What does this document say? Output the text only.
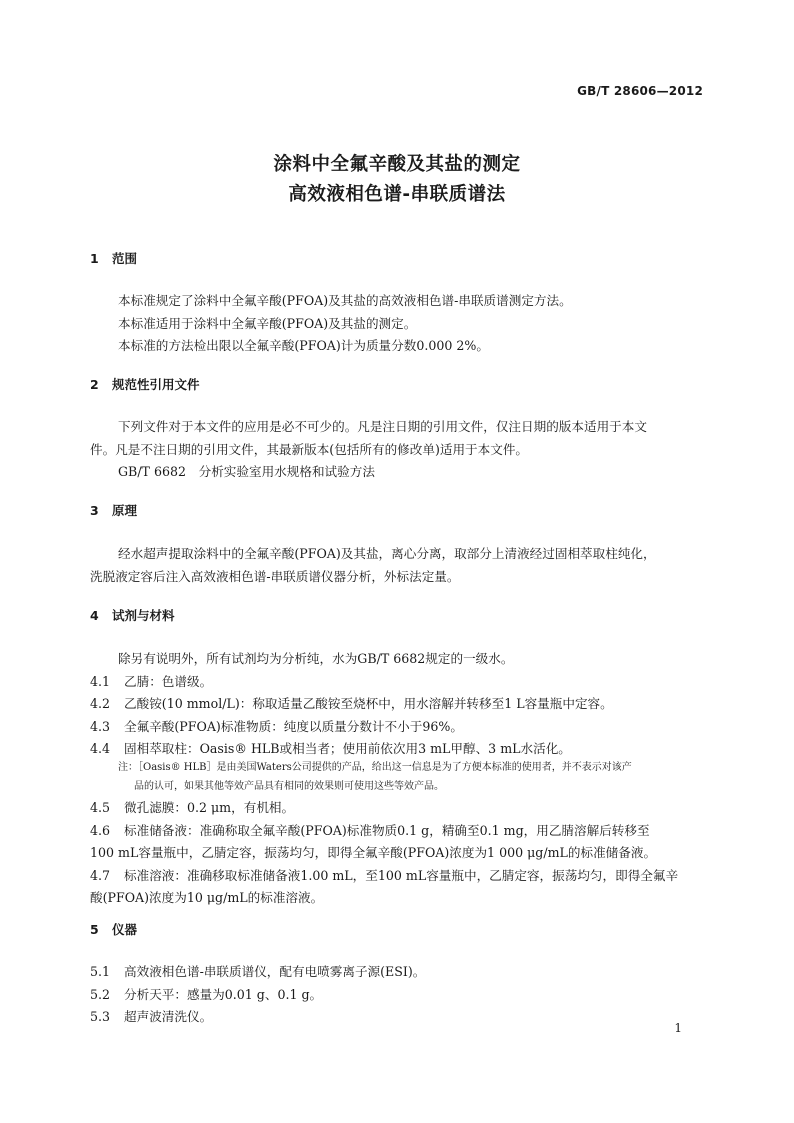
GB/T 28606—2012
涂料中全氟辛酸及其盐的测定
高效液相色谱-串联质谱法
1 范围
本标准规定了涂料中全氟辛酸(PFOA)及其盐的高效液相色谱-串联质谱测定方法。
本标准适用于涂料中全氟辛酸(PFOA)及其盐的测定。
本标准的方法检出限以全氟辛酸(PFOA)计为质量分数0.000 2%。
2 规范性引用文件
下列文件对于本文件的应用是必不可少的。凡是注日期的引用文件，仅注日期的版本适用于本文
件。凡是不注日期的引用文件，其最新版本(包括所有的修改单)适用于本文件。
GB/T 6682　分析实验室用水规格和试验方法
3 原理
经水超声提取涂料中的全氟辛酸(PFOA)及其盐，离心分离，取部分上清液经过固相萃取柱纯化，
洗脱液定容后注入高效液相色谱-串联质谱仪器分析，外标法定量。
4 试剂与材料
除另有说明外，所有试剂均为分析纯，水为GB/T 6682规定的一级水。
4.1 乙腈：色谱级。
4.2 乙酸铵(10 mmol/L)：称取适量乙酸铵至烧杯中，用水溶解并转移至1 L容量瓶中定容。
4.3 全氟辛酸(PFOA)标准物质：纯度以质量分数计不小于96%。
4.4 固相萃取柱：Oasis® HLB或相当者；使用前依次用3 mL甲醇、3 mL水活化。
注：［Oasis® HLB］是由美国Waters公司提供的产品，给出这一信息是为了方便本标准的使用者，并不表示对该产
品的认可，如果其他等效产品具有相同的效果则可使用这些等效产品。
4.5 微孔滤膜：0.2 μm，有机相。
4.6 标准储备液：准确称取全氟辛酸(PFOA)标准物质0.1 g，精确至0.1 mg，用乙腈溶解后转移至
100 mL容量瓶中，乙腈定容，振荡均匀，即得全氟辛酸(PFOA)浓度为1 000 μg/mL的标准储备液。
4.7 标准溶液：准确移取标准储备液1.00 mL，至100 mL容量瓶中，乙腈定容，振荡均匀，即得全氟辛
酸(PFOA)浓度为10 μg/mL的标准溶液。
5 仪器
5.1 高效液相色谱-串联质谱仪，配有电喷雾离子源(ESI)。
5.2 分析天平：感量为0.01 g、0.1 g。
5.3 超声波清洗仪。
1
